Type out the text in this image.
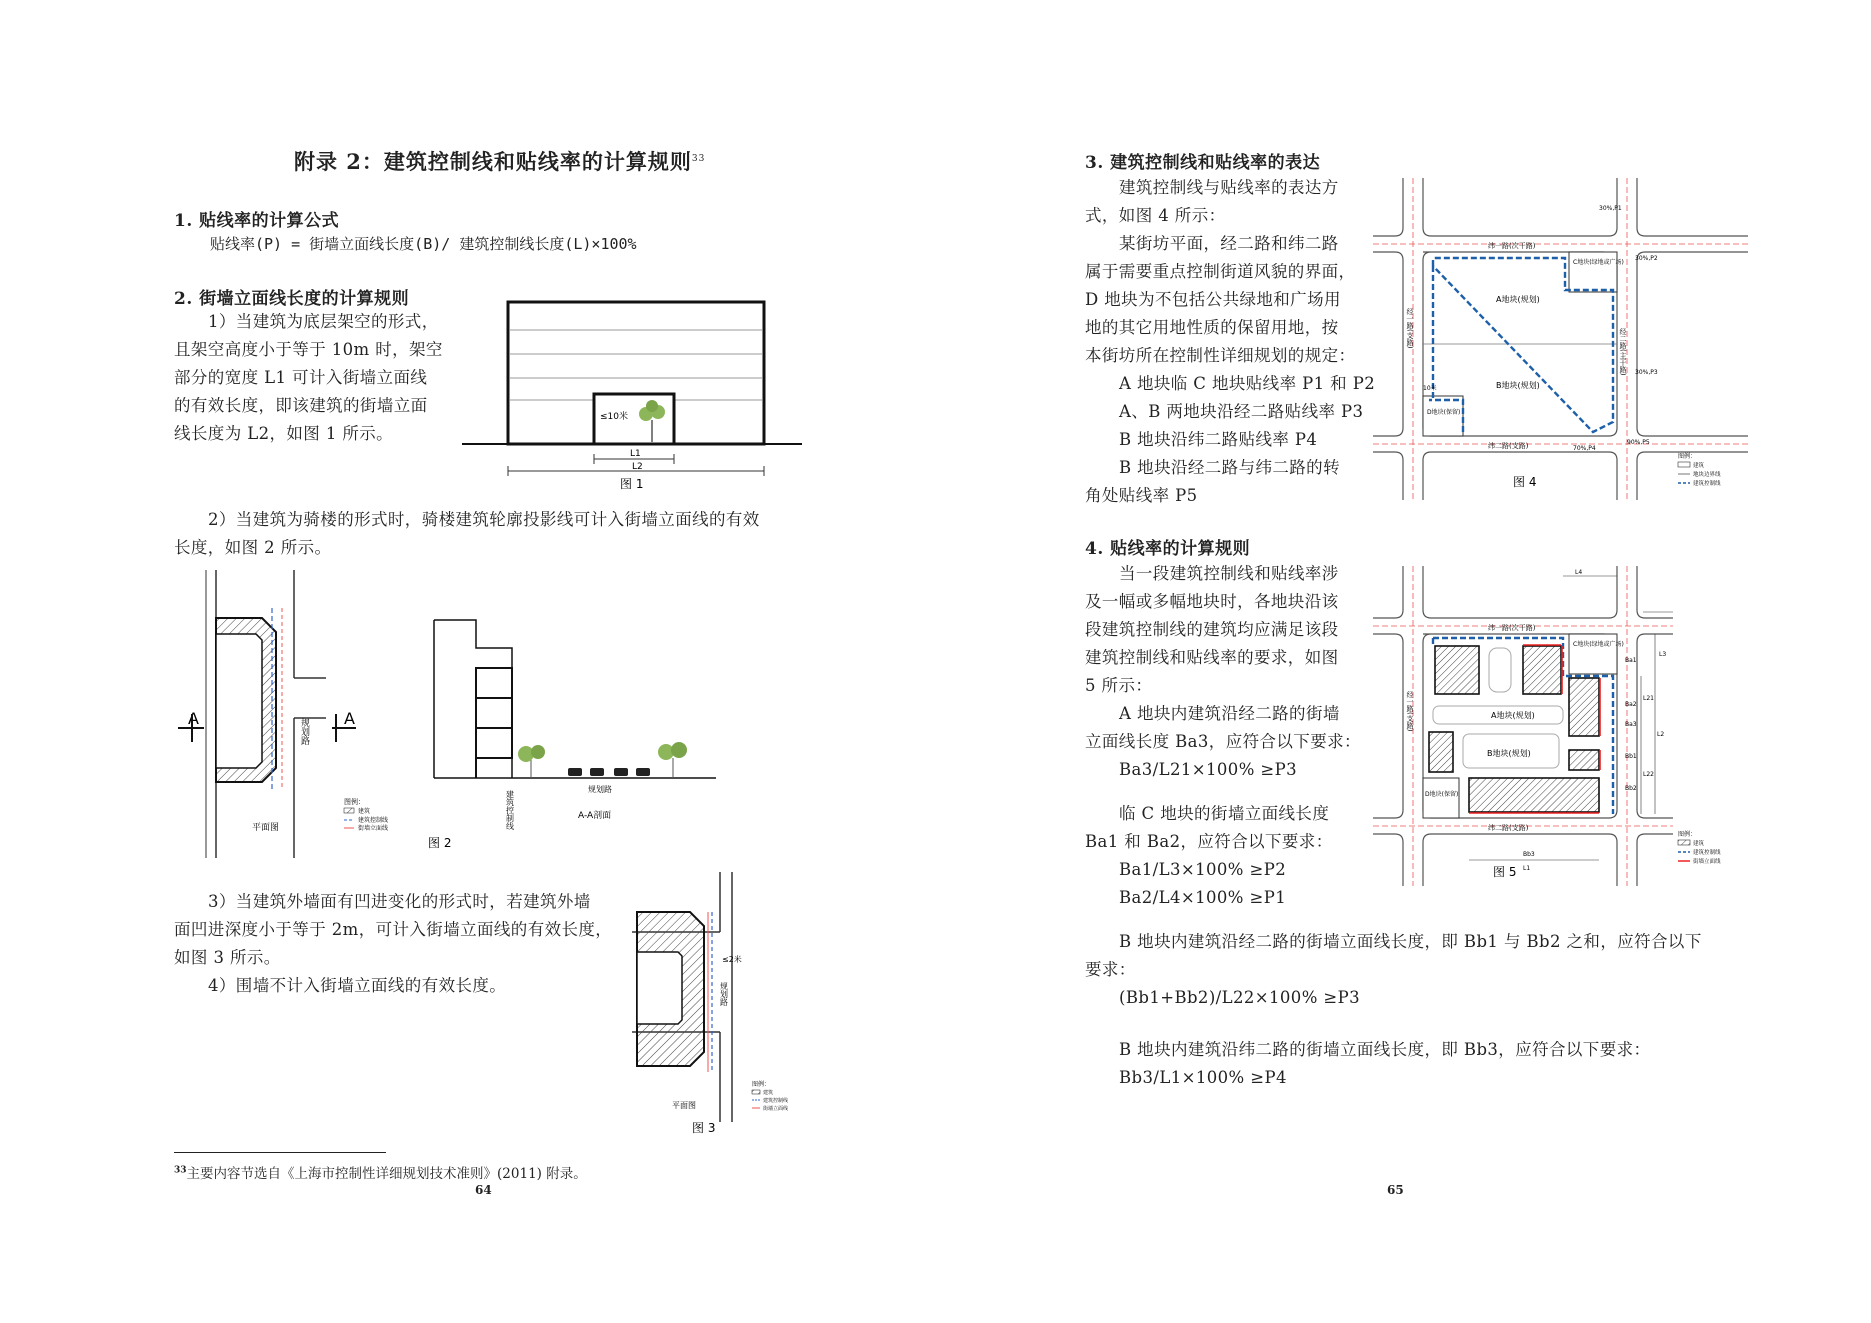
附录 2：建筑控制线和贴线率的计算规则$^{33}$
1. 贴线率的计算公式
贴线率(P) = 街墙立面线长度(B)/ 建筑控制线长度(L)×100%
2. 街墙立面线长度的计算规则
1）当建筑为底层架空的形式，
且架空高度小于等于 10m 时，架空
部分的宽度 L1 可计入街墙立面线
的有效长度，即该建筑的街墙立面
线长度为 L2，如图 1 所示。
≤10米
L1
L2
图 1
2）当建筑为骑楼的形式时，骑楼建筑轮廓投影线可计入街墙立面线的有效
长度，如图 2 所示。
规划路
A	A
平面图
图例：
建筑
建筑控制线
街墙立面线
规划路
A-A剖面
建筑控制线
图 2
3）当建筑外墙面有凹进变化的形式时，若建筑外墙
面凹进深度小于等于 2m，可计入街墙立面线的有效长度，
如图 3 所示。
4）围墙不计入街墙立面线的有效长度。
≤2米
规划路
平面图
图例：
建筑
建筑控制线
街墙立面线
图 3
$^{33}$主要内容节选自《上海市控制性详细规划技术准则》(2011) 附录。
64
3. 建筑控制线和贴线率的表达
建筑控制线与贴线率的表达方
式，如图 4 所示：
某街坊平面，经二路和纬二路
属于需要重点控制街道风貌的界面，
D 地块为不包括公共绿地和广场用
地的其它用地性质的保留用地，按
本街坊所在控制性详细规划的规定：
A 地块临 C 地块贴线率 P1 和 P2
A、B 两地块沿经二路贴线率 P3
B 地块沿纬二路贴线率 P4
B 地块沿经二路与纬二路的转
角处贴线率 P5
纬一路(次干路)
纬二路(支路)
经一路(支路)	经二路(主干路)
A地块(规划)
B地块(规划)
C地块(绿地或广场)
D地块(保留)
10米
30%,P1
30%,P2
30%,P3
70%,P4
90%,P5
图例：
建筑
地块边界线
建筑控制线
图 4
4. 贴线率的计算规则
当一段建筑控制线和贴线率涉
及一幅或多幅地块时，各地块沿该
段建筑控制线的建筑均应满足该段
建筑控制线和贴线率的要求，如图
5 所示：
A 地块内建筑沿经二路的街墙
立面线长度 Ba3，应符合以下要求：
Ba3/L21×100% ≥P3
临 C 地块的街墙立面线长度
Ba1 和 Ba2，应符合以下要求：
Ba1/L3×100% ≥P2
Ba2/L4×100% ≥P1
B 地块内建筑沿经二路的街墙立面线长度，即 Bb1 与 Bb2 之和，应符合以下
要求：
(Bb1+Bb2)/L22×100% ≥P3
B 地块内建筑沿纬二路的街墙立面线长度，即 Bb3，应符合以下要求：
Bb3/L1×100% ≥P4
L4
L3
Ba1
Ba2
Ba3
Bb1
Bb2
L21
L22
L2
Bb3
L1
纬一路(次干路)
纬二路(支路)
经一路(支路)	A地块(规划)
B地块(规划)
C地块(绿地或广场)
D地块(保留)
图例：
建筑
建筑控制线
街墙立面线
图 5
65
